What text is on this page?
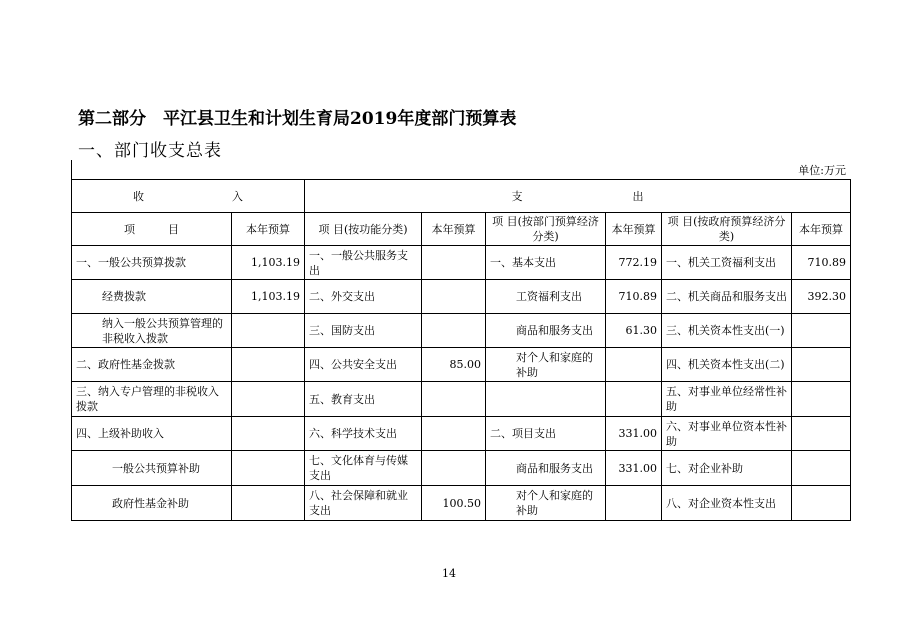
第二部分　平江县卫生和计划生育局2019年度部门预算表
一、部门收支总表
单位:万元
收　　　　　　　　入		支　　　　　　　　　　出					
项　　　目	本年预算	项 目(按功能分类)	本年预算	项 目(按部门预算经济分类)	本年预算	项 目(按政府预算经济分类)	本年预算
一、一般公共预算拨款	1,103.19	一、一般公共服务支出		一、基本支出	772.19	一、机关工资福利支出	710.89
经费拨款	1,103.19	二、外交支出		工资福利支出	710.89	二、机关商品和服务支出	392.30
纳入一般公共预算管理的非税收入拨款		三、国防支出		商品和服务支出	61.30	三、机关资本性支出(一)	
二、政府性基金拨款		四、公共安全支出	85.00	对个人和家庭的补助		四、机关资本性支出(二)	
三、纳入专户管理的非税收入拨款		五、教育支出				五、对事业单位经常性补助	
四、上级补助收入		六、科学技术支出		二、项目支出	331.00	六、对事业单位资本性补助	
一般公共预算补助		七、文化体育与传媒支出		商品和服务支出	331.00	七、对企业补助	
政府性基金补助		八、社会保障和就业支出	100.50	对个人和家庭的补助		八、对企业资本性支出	
14
